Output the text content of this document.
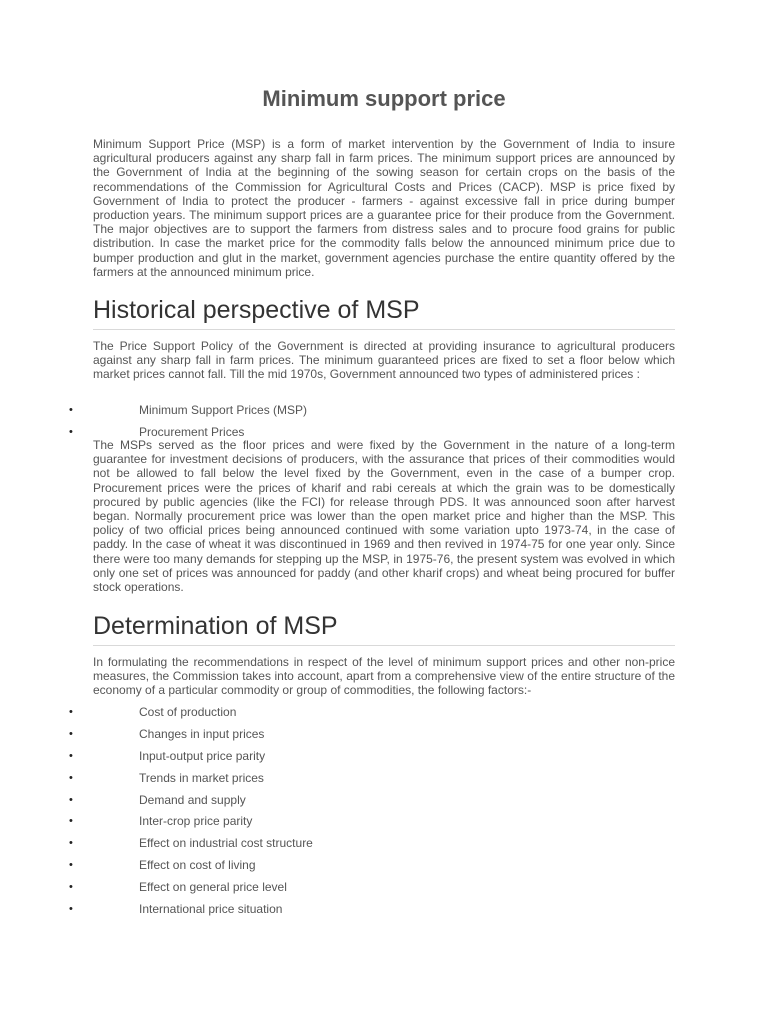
Minimum support price

Minimum Support Price (MSP) is a form of market intervention by the Government of India to insure agricultural producers against any sharp fall in farm prices. The minimum support prices are announced by the Government of India at the beginning of the sowing season for certain crops on the basis of the recommendations of the Commission for Agricultural Costs and Prices (CACP). MSP is price fixed by Government of India to protect the producer - farmers - against excessive fall in price during bumper production years. The minimum support prices are a guarantee price for their produce from the Government. The major objectives are to support the farmers from distress sales and to procure food grains for public distribution. In case the market price for the commodity falls below the announced minimum price due to bumper production and glut in the market, government agencies purchase the entire quantity offered by the farmers at the announced minimum price.

Historical perspective of MSP

The Price Support Policy of the Government is directed at providing insurance to agricultural producers against any sharp fall in farm prices. The minimum guaranteed prices are fixed to set a floor below which market prices cannot fall. Till the mid 1970s, Government announced two types of administered prices :

•	Minimum Support Prices (MSP)
•	Procurement Prices

The MSPs served as the floor prices and were fixed by the Government in the nature of a long-term guarantee for investment decisions of producers, with the assurance that prices of their commodities would not be allowed to fall below the level fixed by the Government, even in the case of a bumper crop. Procurement prices were the prices of kharif and rabi cereals at which the grain was to be domestically procured by public agencies (like the FCI) for release through PDS. It was announced soon after harvest began. Normally procurement price was lower than the open market price and higher than the MSP. This policy of two official prices being announced continued with some variation upto 1973-74, in the case of paddy. In the case of wheat it was discontinued in 1969 and then revived in 1974-75 for one year only. Since there were too many demands for stepping up the MSP, in 1975-76, the present system was evolved in which only one set of prices was announced for paddy (and other kharif crops) and wheat being procured for buffer stock operations.

Determination of MSP

In formulating the recommendations in respect of the level of minimum support prices and other non-price measures, the Commission takes into account, apart from a comprehensive view of the entire structure of the economy of a particular commodity or group of commodities, the following factors:-

•	Cost of production
•	Changes in input prices
•	Input-output price parity
•	Trends in market prices
•	Demand and supply
•	Inter-crop price parity
•	Effect on industrial cost structure
•	Effect on cost of living
•	Effect on general price level
•	International price situation
